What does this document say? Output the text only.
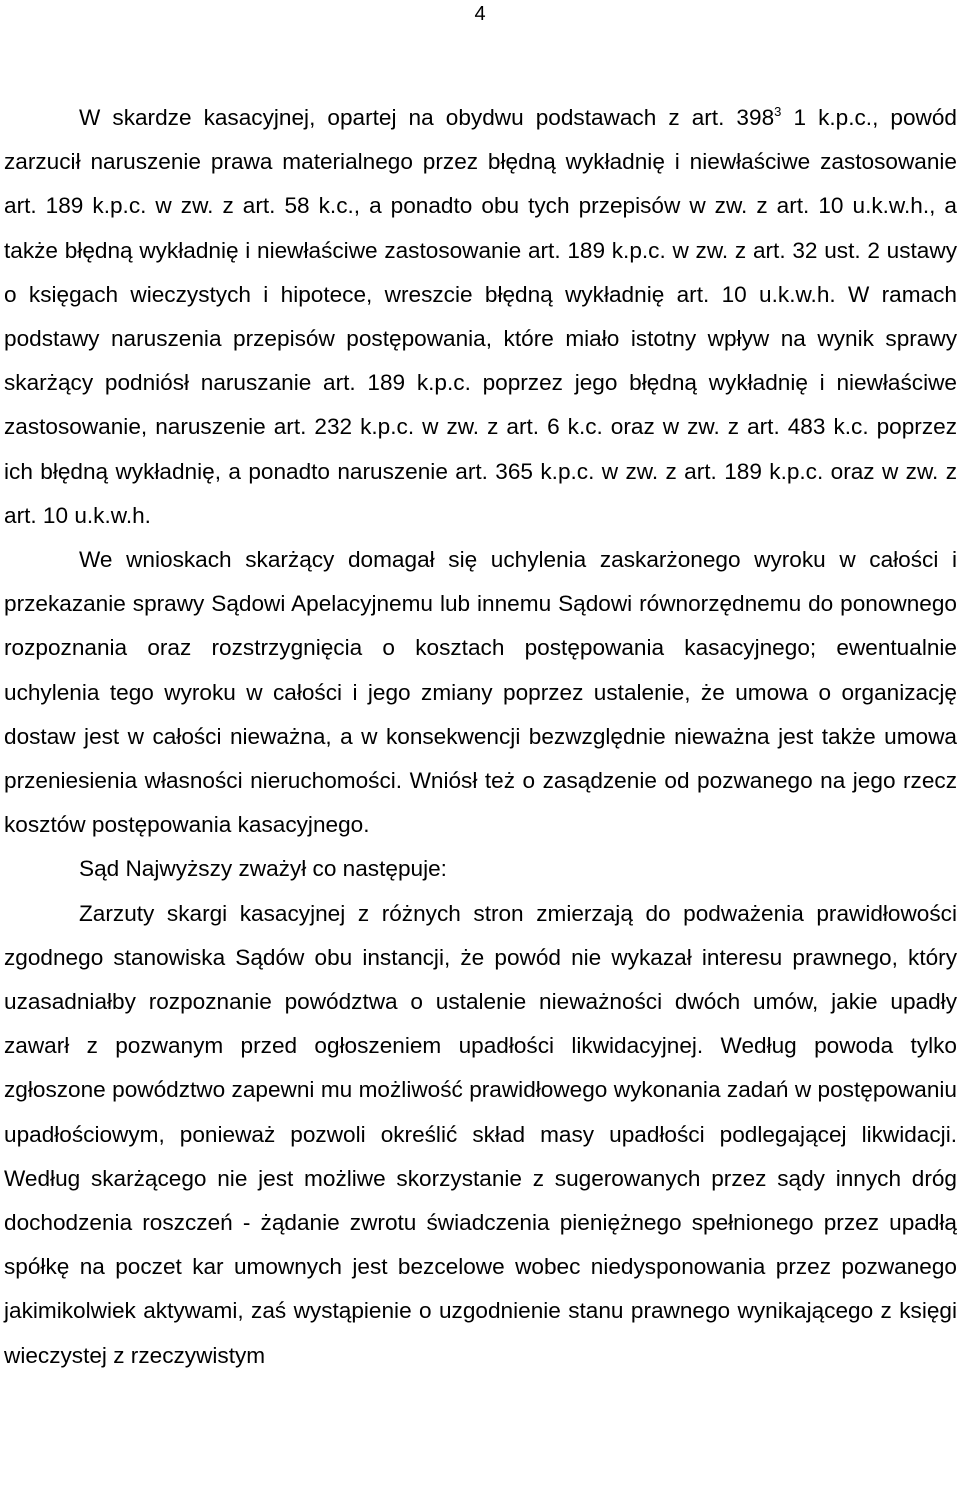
4

W skardze kasacyjnej, opartej na obydwu podstawach z art. 398$^3$ 1 k.p.c., powód zarzucił naruszenie prawa materialnego przez błędną wykładnię i niewłaściwe zastosowanie art. 189 k.p.c. w zw. z art. 58 k.c., a ponadto obu tych przepisów w zw. z art. 10 u.k.w.h., a także błędną wykładnię i niewłaściwe zastosowanie art. 189 k.p.c. w zw. z art. 32 ust. 2 ustawy o księgach wieczystych i hipotece, wreszcie błędną wykładnię art. 10 u.k.w.h. W ramach podstawy naruszenia przepisów postępowania, które miało istotny wpływ na wynik sprawy skarżący podniósł naruszanie art. 189 k.p.c. poprzez jego błędną wykładnię i niewłaściwe zastosowanie, naruszenie art. 232 k.p.c. w zw. z art. 6 k.c. oraz w zw. z art. 483 k.c. poprzez ich błędną wykładnię, a ponadto naruszenie art. 365 k.p.c. w zw. z art. 189 k.p.c. oraz w zw. z art. 10 u.k.w.h.

We wnioskach skarżący domagał się uchylenia zaskarżonego wyroku w całości i przekazanie sprawy Sądowi Apelacyjnemu lub innemu Sądowi równorzędnemu do ponownego rozpoznania oraz rozstrzygnięcia o kosztach postępowania kasacyjnego; ewentualnie uchylenia tego wyroku w całości i jego zmiany poprzez ustalenie, że umowa o organizację dostaw jest w całości nieważna, a w konsekwencji bezwzględnie nieważna jest także umowa przeniesienia własności nieruchomości. Wniósł też o zasądzenie od pozwanego na jego rzecz kosztów postępowania kasacyjnego.

Sąd Najwyższy zważył co następuje:

Zarzuty skargi kasacyjnej z różnych stron zmierzają do podważenia prawidłowości zgodnego stanowiska Sądów obu instancji, że powód nie wykazał interesu prawnego, który uzasadniałby rozpoznanie powództwa o ustalenie nieważności dwóch umów, jakie upadły zawarł z pozwanym przed ogłoszeniem upadłości likwidacyjnej. Według powoda tylko zgłoszone powództwo zapewni mu możliwość prawidłowego wykonania zadań w postępowaniu upadłościowym, ponieważ pozwoli określić skład masy upadłości podlegającej likwidacji. Według skarżącego nie jest możliwe skorzystanie z sugerowanych przez sądy innych dróg dochodzenia roszczeń - żądanie zwrotu świadczenia pieniężnego spełnionego przez upadłą spółkę na poczet kar umownych jest bezcelowe wobec niedysponowania przez pozwanego jakimikolwiek aktywami, zaś wystąpienie o uzgodnienie stanu prawnego wynikającego z księgi wieczystej z rzeczywistym
